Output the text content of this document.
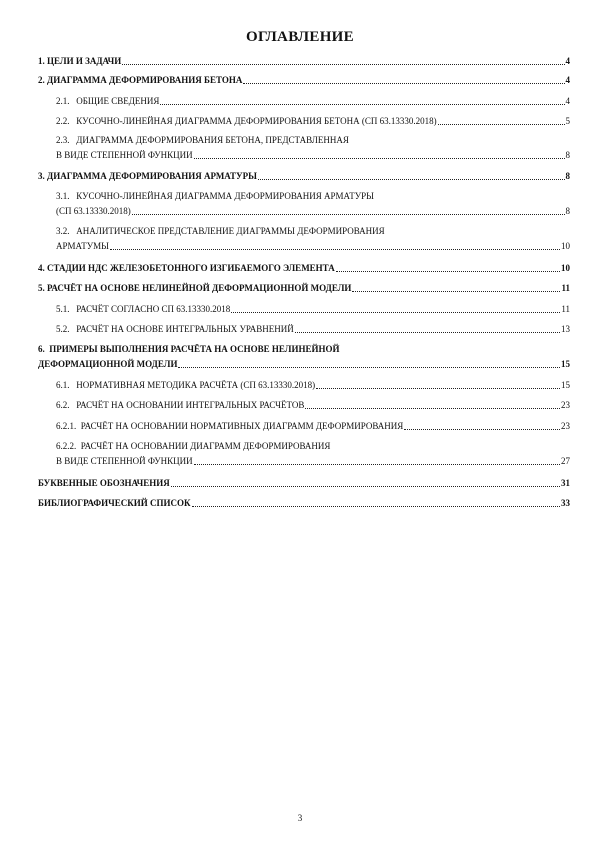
ОГЛАВЛЕНИЕ
1. ЦЕЛИ И ЗАДАЧИ	4
2. ДИАГРАММА ДЕФОРМИРОВАНИЯ БЕТОНА	4
2.1. ОБЩИЕ СВЕДЕНИЯ	4
2.2. КУСОЧНО-ЛИНЕЙНАЯ ДИАГРАММА ДЕФОРМИРОВАНИЯ БЕТОНА (СП 63.13330.2018)	5
2.3. ДИАГРАММА ДЕФОРМИРОВАНИЯ БЕТОНА, ПРЕДСТАВЛЕННАЯ
В ВИДЕ СТЕПЕННОЙ ФУНКЦИИ	8
3. ДИАГРАММА ДЕФОРМИРОВАНИЯ АРМАТУРЫ	8
3.1. КУСОЧНО-ЛИНЕЙНАЯ ДИАГРАММА ДЕФОРМИРОВАНИЯ АРМАТУРЫ
(СП 63.13330.2018)	8
3.2. АНАЛИТИЧЕСКОЕ ПРЕДСТАВЛЕНИЕ ДИАГРАММЫ ДЕФОРМИРОВАНИЯ
АРМАТУМЫ	10
4. СТАДИИ НДС ЖЕЛЕЗОБЕТОННОГО ИЗГИБАЕМОГО ЭЛЕМЕНТА	10
5. РАСЧЁТ НА ОСНОВЕ НЕЛИНЕЙНОЙ ДЕФОРМАЦИОННОЙ МОДЕЛИ	11
5.1. РАСЧЁТ СОГЛАСНО СП 63.13330.2018	11
5.2. РАСЧЁТ НА ОСНОВЕ ИНТЕГРАЛЬНЫХ УРАВНЕНИЙ	13
6. ПРИМЕРЫ ВЫПОЛНЕНИЯ РАСЧЁТА НА ОСНОВЕ НЕЛИНЕЙНОЙ
ДЕФОРМАЦИОННОЙ МОДЕЛИ	15
6.1. НОРМАТИВНАЯ МЕТОДИКА РАСЧЁТА (СП 63.13330.2018)	15
6.2. РАСЧЁТ НА ОСНОВАНИИ ИНТЕГРАЛЬНЫХ РАСЧЁТОВ	23
6.2.1. РАСЧЁТ НА ОСНОВАНИИ НОРМАТИВНЫХ ДИАГРАММ ДЕФОРМИРОВАНИЯ	23
6.2.2. РАСЧЁТ НА ОСНОВАНИИ ДИАГРАММ ДЕФОРМИРОВАНИЯ
В ВИДЕ СТЕПЕННОЙ ФУНКЦИИ	27
БУКВЕННЫЕ ОБОЗНАЧЕНИЯ	31
БИБЛИОГРАФИЧЕСКИЙ СПИСОК	33
3
